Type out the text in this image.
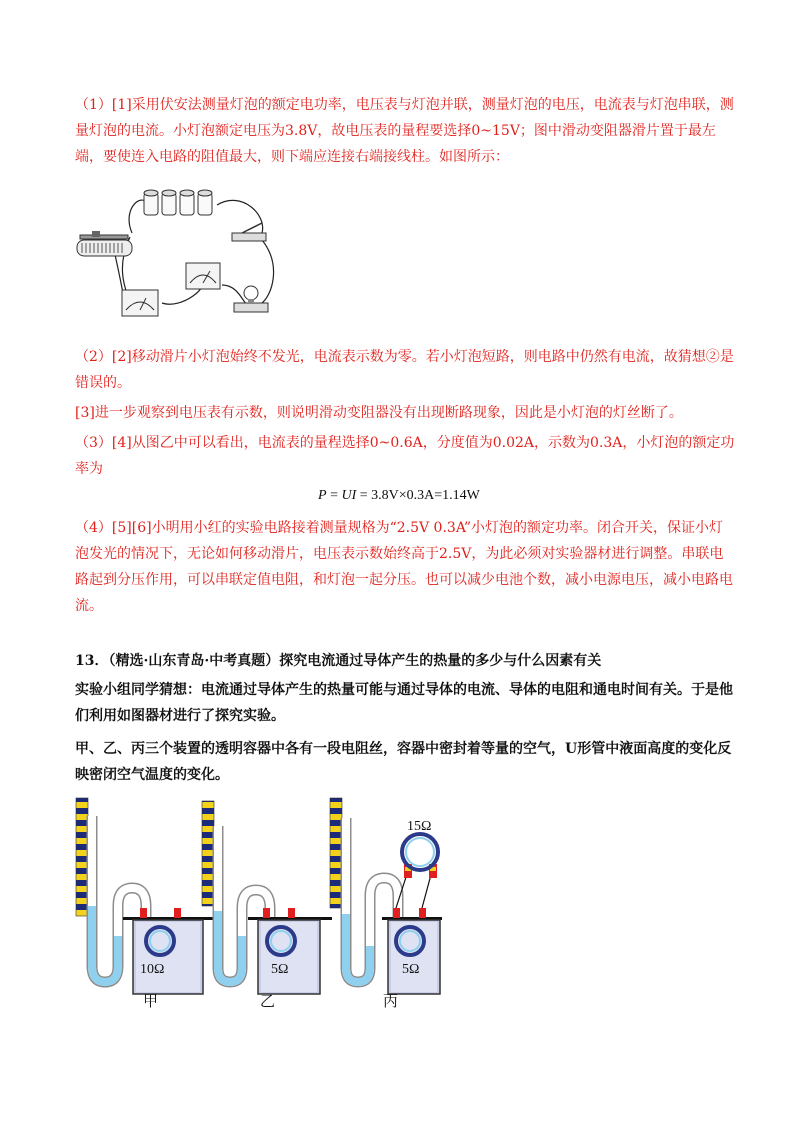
（1）[1]采用伏安法测量灯泡的额定电功率，电压表与灯泡并联，测量灯泡的电压，电流表与灯泡串联，测量灯泡的电流。小灯泡额定电压为3.8V，故电压表的量程要选择0~15V；图中滑动变阻器滑片置于最左端，要使连入电路的阻值最大，则下端应连接右端接线柱。如图所示：

（2）[2]移动滑片小灯泡始终不发光，电流表示数为零。若小灯泡短路，则电路中仍然有电流，故猜想②是错误的。

[3]进一步观察到电压表有示数，则说明滑动变阻器没有出现断路现象，因此是小灯泡的灯丝断了。

（3）[4]从图乙中可以看出，电流表的量程选择0~0.6A，分度值为0.02A，示数为0.3A，小灯泡的额定功率为

P = UI = 3.8V×0.3A=1.14W

（4）[5][6]小明用小红的实验电路接着测量规格为“2.5V 0.3A”小灯泡的额定功率。闭合开关，保证小灯泡发光的情况下，无论如何移动滑片，电压表示数始终高于2.5V，为此必须对实验器材进行调整。串联电路起到分压作用，可以串联定值电阻，和灯泡一起分压。也可以减少电池个数，减小电源电压，减小电路电流。

13．（精选·山东青岛·中考真题）探究电流通过导体产生的热量的多少与什么因素有关

实验小组同学猜想：电流通过导体产生的热量可能与通过导体的电流、导体的电阻和通电时间有关。于是他们利用如图器材进行了探究实验。

甲、乙、丙三个装置的透明容器中各有一段电阻丝，容器中密封着等量的空气，U形管中液面高度的变化反映密闭空气温度的变化。

10Ω
甲
5Ω
乙
15Ω
5Ω
丙
